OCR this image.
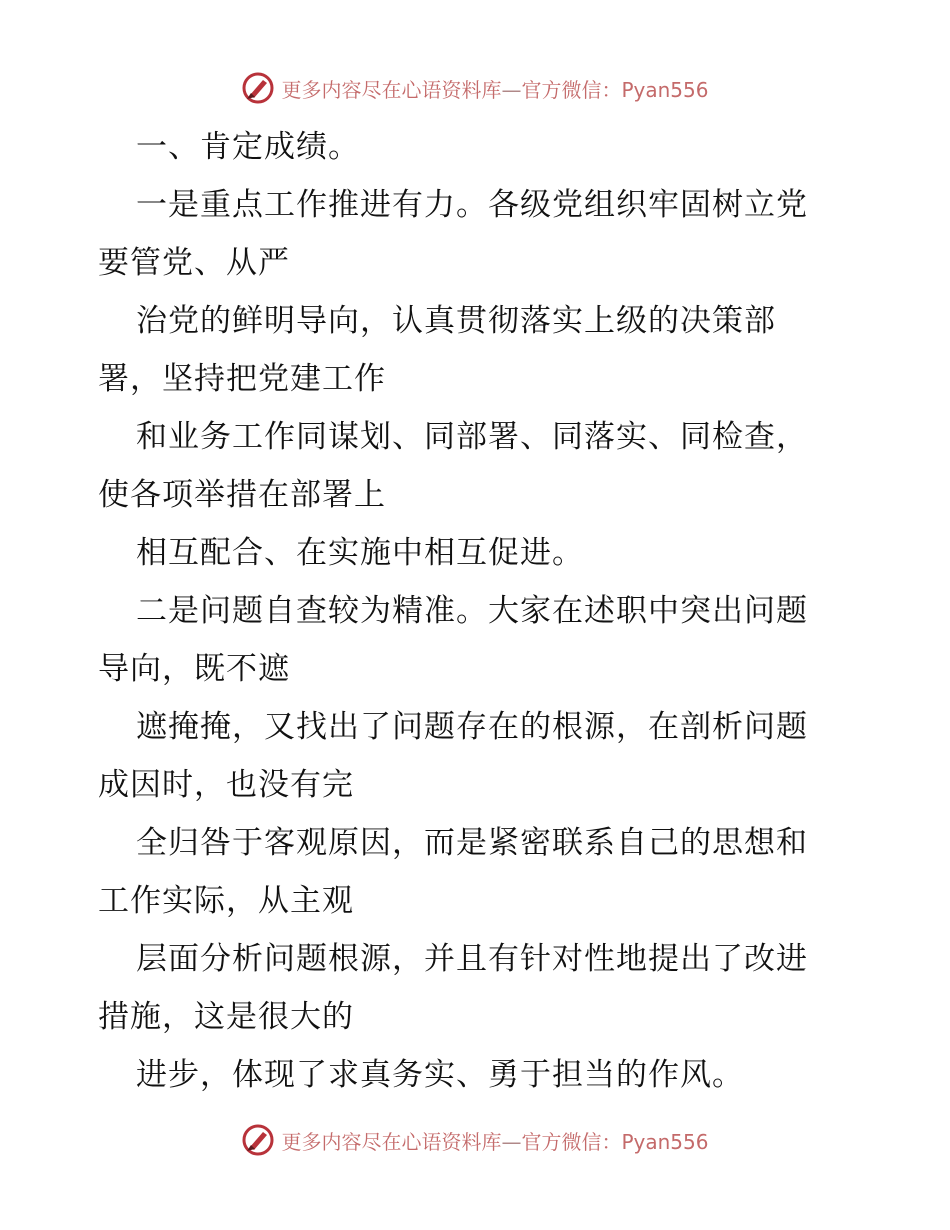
更多内容尽在心语资料库—官方微信：Pyan556
一、肯定成绩。
一是重点工作推进有力。各级党组织牢固树立党
要管党、从严
治党的鲜明导向，认真贯彻落实上级的决策部
署，坚持把党建工作
和业务工作同谋划、同部署、同落实、同检查，
使各项举措在部署上
相互配合、在实施中相互促进。
二是问题自查较为精准。大家在述职中突出问题
导向，既不遮
遮掩掩，又找出了问题存在的根源，在剖析问题
成因时，也没有完
全归咎于客观原因，而是紧密联系自己的思想和
工作实际，从主观
层面分析问题根源，并且有针对性地提出了改进
措施，这是很大的
进步，体现了求真务实、勇于担当的作风。
更多内容尽在心语资料库—官方微信：Pyan556
